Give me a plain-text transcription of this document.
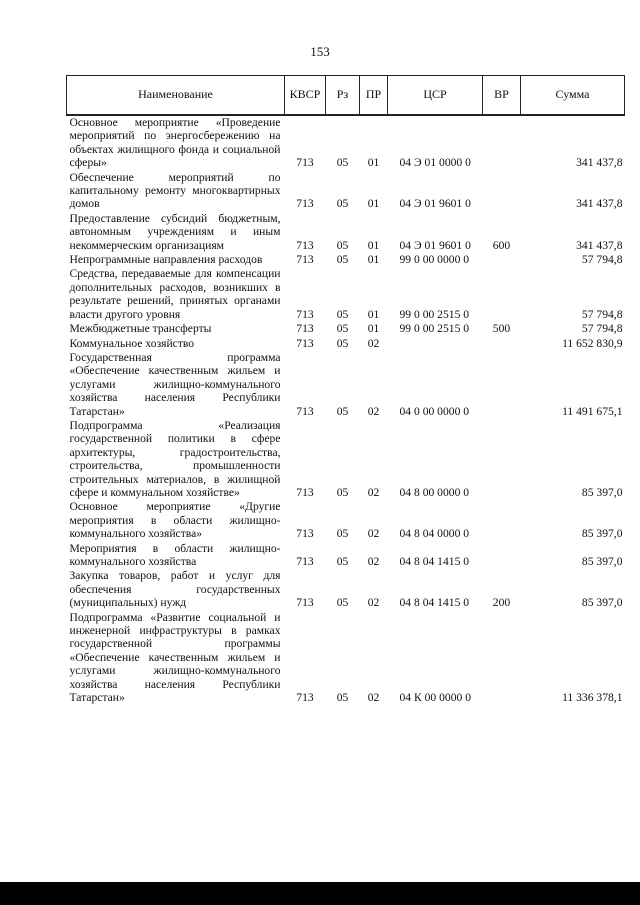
153
Наименование	КВСР	Рз	ПР	ЦСР	ВР	Сумма
Основное мероприятие «Проведение мероприятий по энергосбережению на объектах жилищного фонда и социальной сферы»	713	05	01	04 Э 01 0000 0		341 437,8
Обеспечение мероприятий по капитальному ремонту многоквартирных домов	713	05	01	04 Э 01 9601 0		341 437,8
Предоставление субсидий бюджетным, автономным учреждениям и иным некоммерческим организациям	713	05	01	04 Э 01 9601 0	600	341 437,8
Непрограммные направления расходов	713	05	01	99 0 00 0000 0		57 794,8
Средства, передаваемые для компенсации дополнительных расходов, возникших в результате решений, принятых органами власти другого уровня	713	05	01	99 0 00 2515 0		57 794,8
Межбюджетные трансферты	713	05	01	99 0 00 2515 0	500	57 794,8
Коммунальное хозяйство	713	05	02			11 652 830,9
Государственная программа «Обеспечение качественным жильем и услугами жилищно-коммунального хозяйства населения Республики Татарстан»	713	05	02	04 0 00 0000 0		11 491 675,1
Подпрограмма «Реализация государственной политики в сфере архитектуры, градостроительства, строительства, промышленности строительных материалов, в жилищной сфере и коммунальном хозяйстве»	713	05	02	04 8 00 0000 0		85 397,0
Основное мероприятие «Другие мероприятия в области жилищно-коммунального хозяйства»	713	05	02	04 8 04 0000 0		85 397,0
Мероприятия в области жилищно-коммунального хозяйства	713	05	02	04 8 04 1415 0		85 397,0
Закупка товаров, работ и услуг для обеспечения государственных (муниципальных) нужд	713	05	02	04 8 04 1415 0	200	85 397,0
Подпрограмма «Развитие социальной и инженерной инфраструктуры в рамках государственной программы «Обеспечение качественным жильем и услугами жилищно-коммунального хозяйства населения Республики Татарстан»	713	05	02	04 К 00 0000 0		11 336 378,1
